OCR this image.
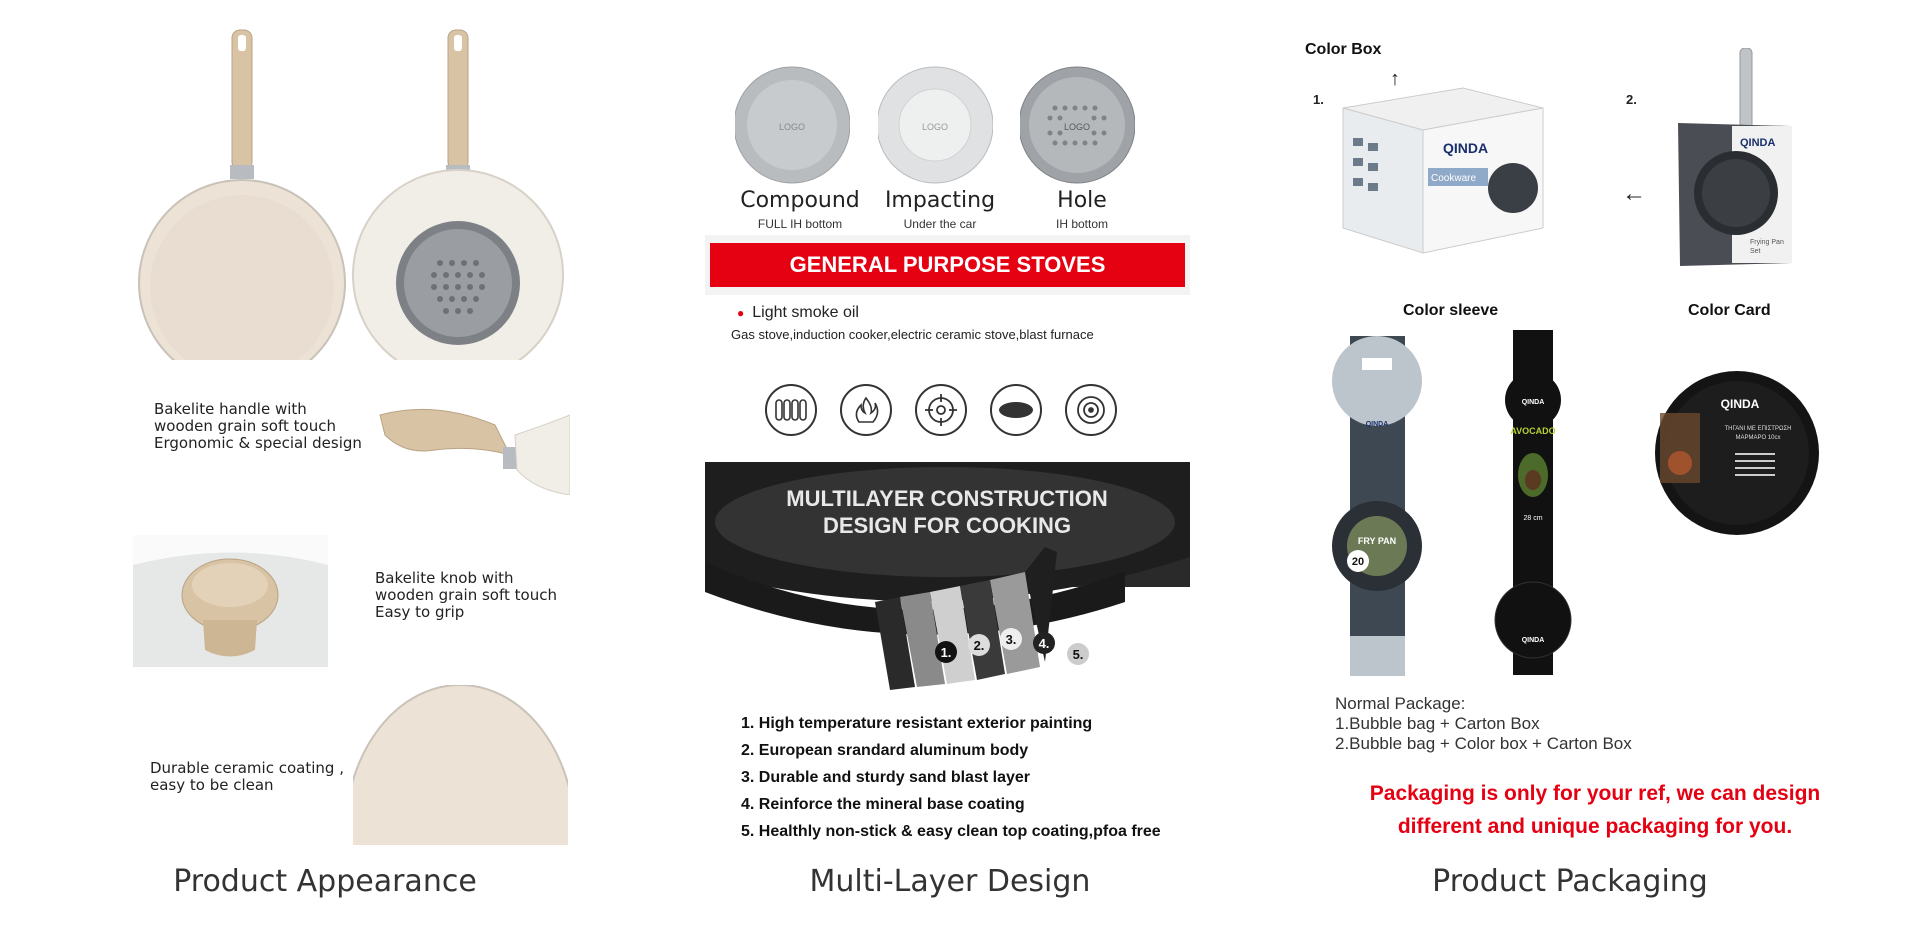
Bakelite handle with
wooden grain soft touch
Ergonomic & special design
Bakelite knob with
wooden grain soft touch
Easy to grip
Durable ceramic coating ,
easy to be clean
Product Appearance
LOGO	LOGO	LOGO
Compound
FULL IH bottom
Impacting
Under the car
Hole
IH bottom
GENERAL PURPOSE STOVES
● Light smoke oil
Gas stove,induction cooker,electric ceramic stove,blast furnace
MULTILAYER CONSTRUCTION
DESIGN FOR COOKING
1. 2. 3. 4.
5.
1. High temperature resistant exterior painting
2. European srandard aluminum body
3. Durable and sturdy sand blast layer
4. Reinforce the mineral base coating
5. Healthly non-stick & easy clean top coating,pfoa free
Multi-Layer Design
Color Box
↑
1.	2.
←
Cookware
QINDA	QINDA
Frying Pan
Set
Color sleeve	Color Card
QINDA
FRY PAN
20
QINDA
AVOCADO
28 cm
QINDA
QINDA
ΤΗΓΑΝΙ ΜΕ ΕΠΙΣΤΡΩΣΗ
ΜΑΡΜΑΡΟ 10cx
Normal Package:
1.Bubble bag + Carton Box
2.Bubble bag + Color box + Carton Box
Packaging is only for your ref, we can design
different and unique packaging for you.
Product Packaging
